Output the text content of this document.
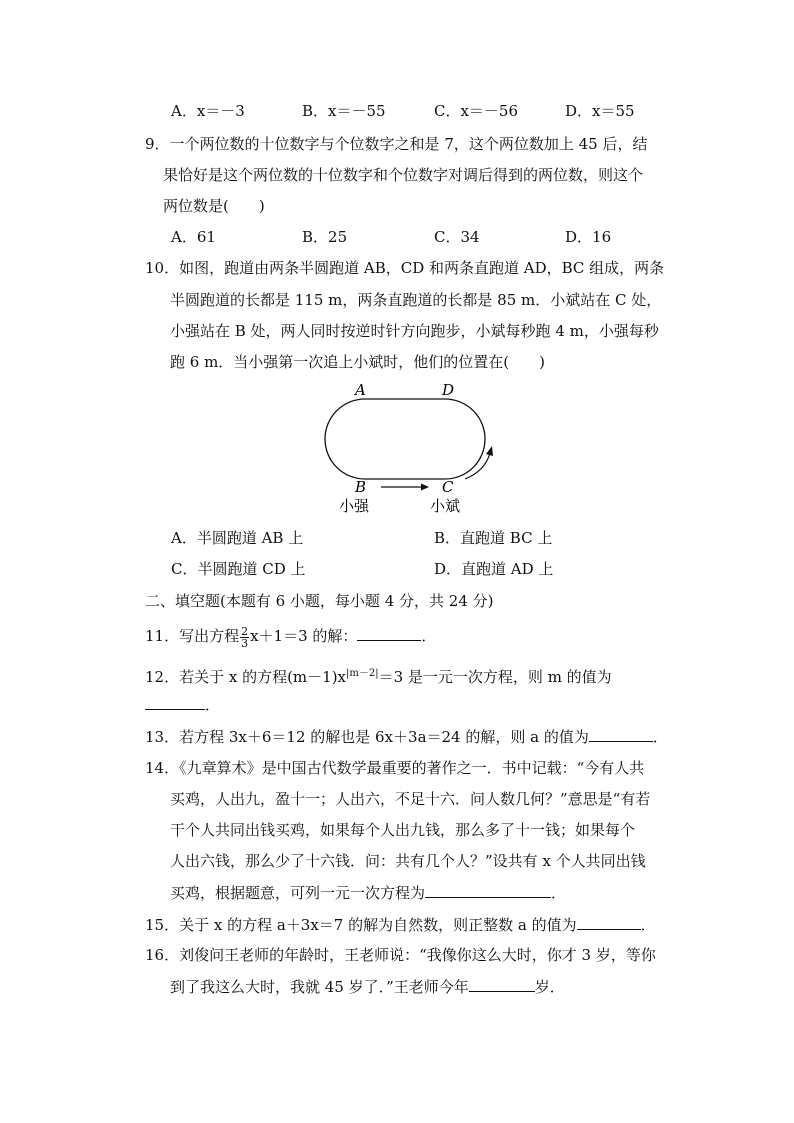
A．x＝－3	B．x＝－55	C．x＝－56	D．x＝55
9．一个两位数的十位数字与个位数字之和是 7，这个两位数加上 45 后，结
果恰好是这个两位数的十位数字和个位数字对调后得到的两位数，则这个
两位数是(　　)
A．61	B．25	C．34	D．16
10．如图，跑道由两条半圆跑道 AB，CD 和两条直跑道 AD，BC 组成，两条
半圆跑道的长都是 115 m，两条直跑道的长都是 85 m．小斌站在 C 处，
小强站在 B 处，两人同时按逆时针方向跑步，小斌每秒跑 4 m，小强每秒
跑 6 m．当小强第一次追上小斌时，他们的位置在(　　)
A	D
B	C
小强	小斌
A．半圆跑道 AB 上	B．直跑道 BC 上
C．半圆跑道 CD 上	D．直跑道 AD 上
二、填空题(本题有 6 小题，每小题 4 分，共 24 分)
11．写出方程 $\frac{2}{3} x+1=3$ 的解：	．
12．若关于 x 的方程$(m-1)x^{|m-2|}=3$ 是一元一次方程，则 m 的值为
．
13．若方程 3x＋6＝12 的解也是 6x＋3a＝24 的解，则 a 的值为	．
14．《九章算术》是中国古代数学最重要的著作之一．书中记载：“今有人共
买鸡，人出九，盈十一；人出六，不足十六．问人数几何？”意思是“有若
干个人共同出钱买鸡，如果每个人出九钱，那么多了十一钱；如果每个
人出六钱，那么少了十六钱．问：共有几个人？”设共有 x 个人共同出钱
买鸡，根据题意，可列一元一次方程为	．
15．关于 x 的方程 a＋3x＝7 的解为自然数，则正整数 a 的值为	．
16．刘俊问王老师的年龄时，王老师说：“我像你这么大时，你才 3 岁，等你
到了我这么大时，我就 45 岁了．”王老师今年	岁．
